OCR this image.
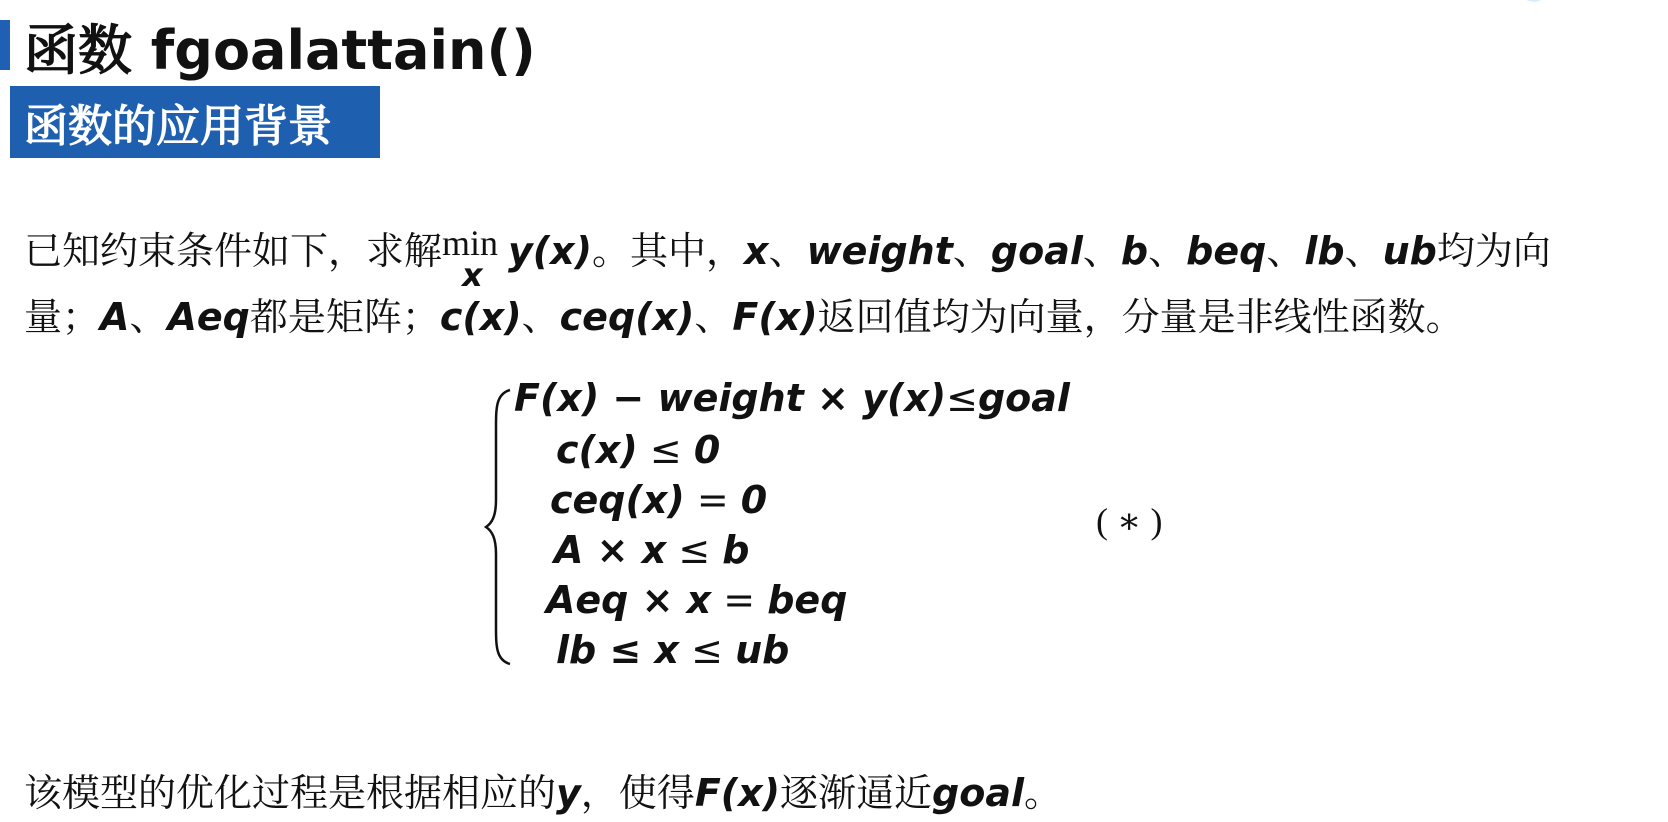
函数 fgoalattain()
函数的应用背景
已知约束条件如下，求解 min
x
y(x)。其中，x、weight、goal、b、beq、lb、ub均为向
量；A、Aeq都是矩阵；c(x)、ceq(x)、F(x)返回值均为向量，分量是非线性函数。
F(x) − weight × y(x)≤goal
c(x) ≤ 0
ceq(x) = 0
A × x ≤ b
Aeq × x = beq
lb ≤ x ≤ ub
( ∗ )
该模型的优化过程是根据相应的y，使得F(x)逐渐逼近goal。
